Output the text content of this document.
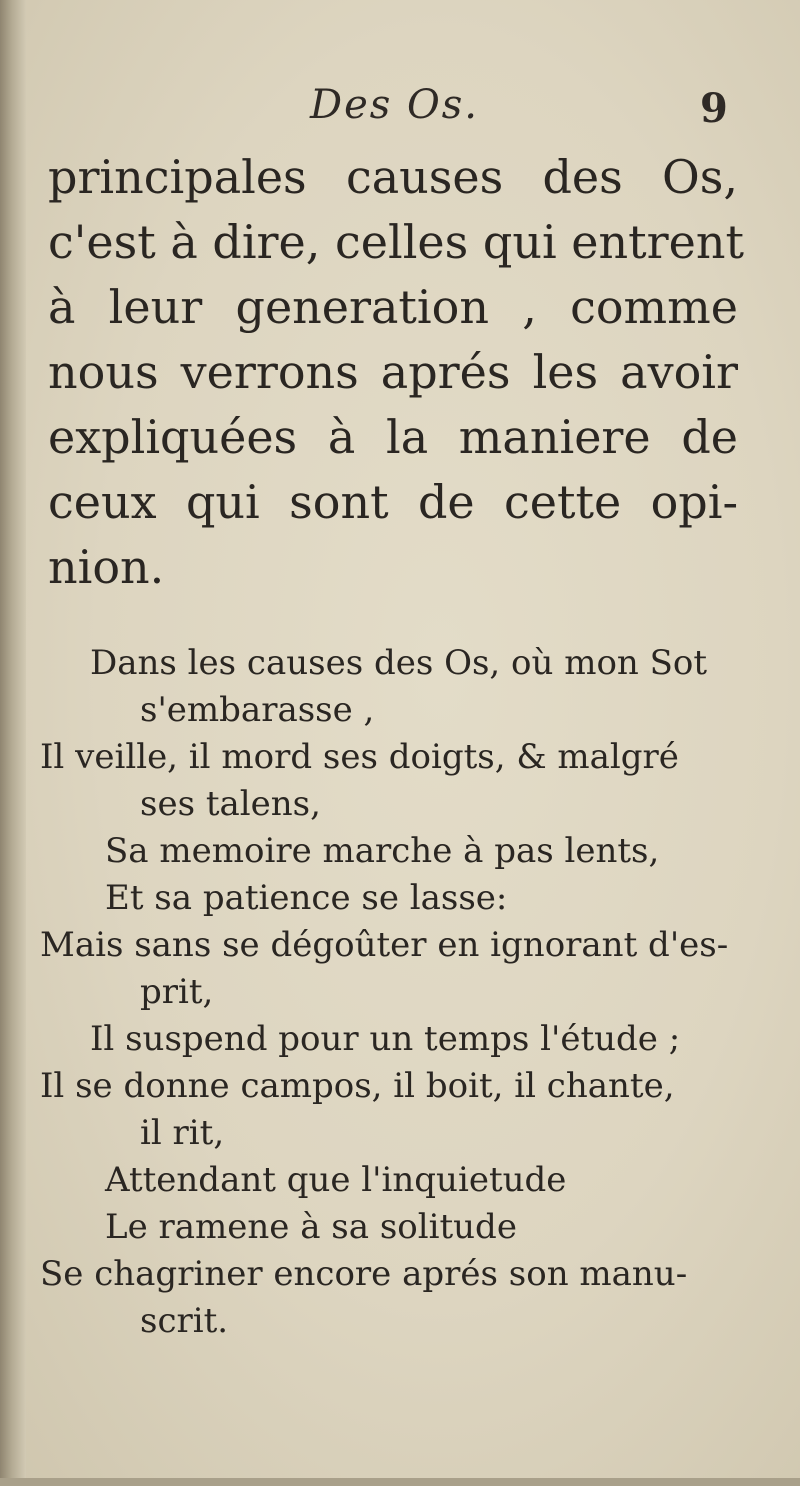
Des Os.	9
principales causes des Os,
c'est à dire, celles qui entrent
à leur generation , comme
nous verrons aprés les avoir
expliquées à la maniere de
ceux qui sont de cette opi-
nion.
Dans les causes des Os, où mon Sot
s'embarasse ,
Il veille, il mord ses doigts, & malgré
ses talens,
Sa memoire marche à pas lents,
Et sa patience se lasse:
Mais sans se dégoûter en ignorant d'es-
prit,
Il suspend pour un temps l'étude ;
Il se donne campos, il boit, il chante,
il rit,
Attendant que l'inquietude
Le ramene à sa solitude
Se chagriner encore aprés son manu-
scrit.
